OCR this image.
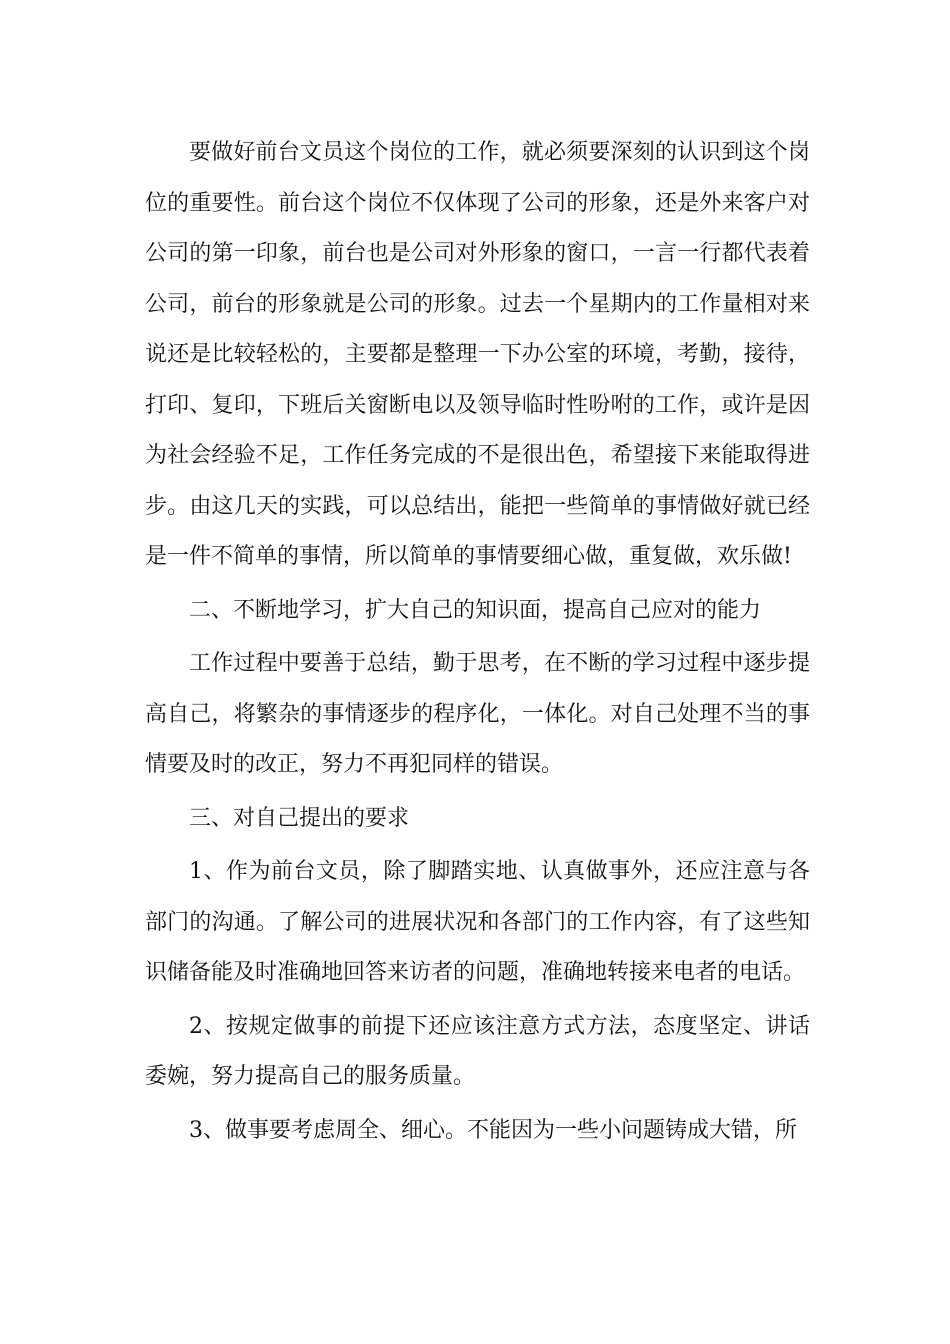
要做好前台文员这个岗位的工作，就必须要深刻的认识到这个岗位的重要性。前台这个岗位不仅体现了公司的形象，还是外来客户对公司的第一印象，前台也是公司对外形象的窗口，一言一行都代表着公司，前台的形象就是公司的形象。过去一个星期内的工作量相对来说还是比较轻松的，主要都是整理一下办公室的环境，考勤，接待，打印、复印，下班后关窗断电以及领导临时性吩咐的工作，或许是因为社会经验不足，工作任务完成的不是很出色，希望接下来能取得进步。由这几天的实践，可以总结出，能把一些简单的事情做好就已经是一件不简单的事情，所以简单的事情要细心做，重复做，欢乐做!

二、不断地学习，扩大自己的知识面，提高自己应对的能力

工作过程中要善于总结，勤于思考，在不断的学习过程中逐步提高自己，将繁杂的事情逐步的程序化，一体化。对自己处理不当的事情要及时的改正，努力不再犯同样的错误。

三、对自己提出的要求

1、作为前台文员，除了脚踏实地、认真做事外，还应注意与各部门的沟通。了解公司的进展状况和各部门的工作内容，有了这些知识储备能及时准确地回答来访者的问题，准确地转接来电者的电话。

2、按规定做事的前提下还应该注意方式方法，态度坚定、讲话委婉，努力提高自己的服务质量。

3、做事要考虑周全、细心。不能因为一些小问题铸成大错，所
